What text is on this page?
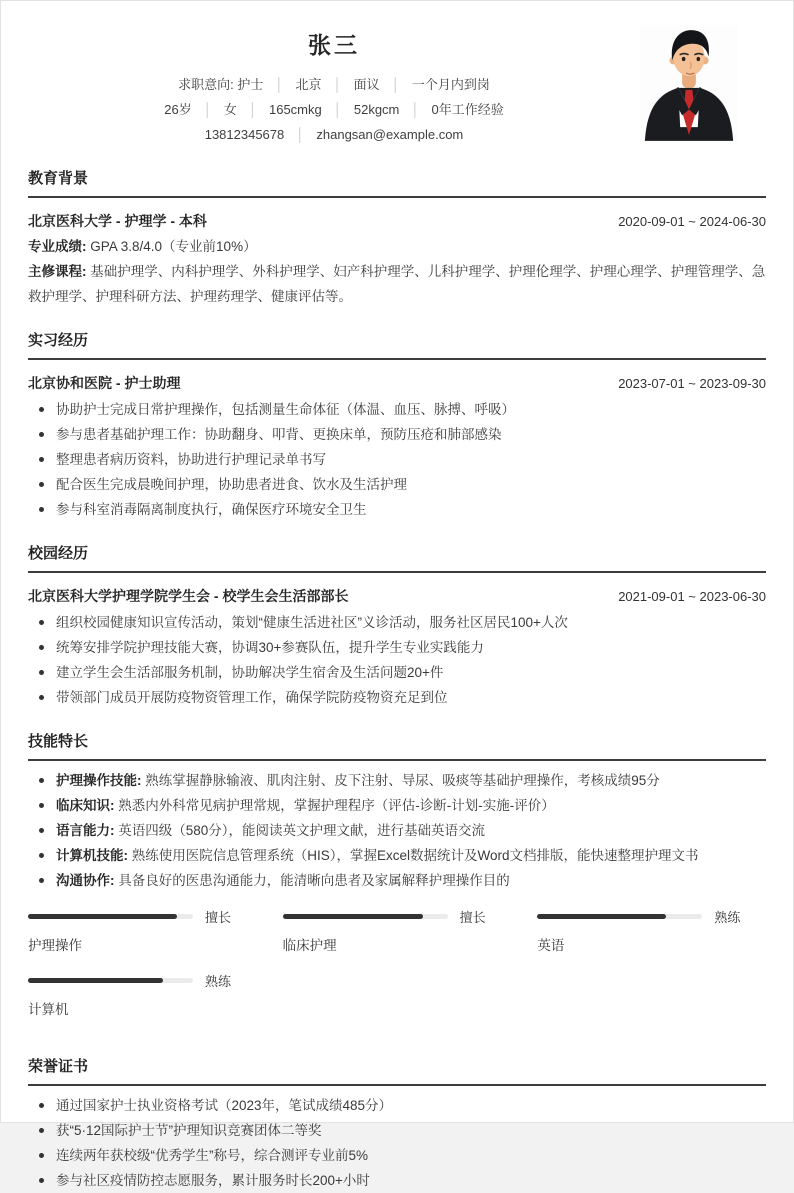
张三
求职意向: 护士 │ 北京 │ 面议 │ 一个月内到岗
26岁 │ 女 │ 165cmkg │ 52kgcm │ 0年工作经验
13812345678 │ zhangsan@example.com
教育背景
北京医科大学 - 护理学 - 本科	2020-09-01 ~ 2024-06-30

专业成绩: GPA 3.8/4.0（专业前10%）

主修课程: 基础护理学、内科护理学、外科护理学、妇产科护理学、儿科护理学、护理伦理学、护理心理学、护理管理学、急救护理学、护理科研方法、护理药理学、健康评估等。

实习经历
北京协和医院 - 护士助理	2023-07-01 ~ 2023-09-30
协助护士完成日常护理操作，包括测量生命体征（体温、血压、脉搏、呼吸）
参与患者基础护理工作：协助翻身、叩背、更换床单，预防压疮和肺部感染
整理患者病历资料，协助进行护理记录单书写
配合医生完成晨晚间护理，协助患者进食、饮水及生活护理
参与科室消毒隔离制度执行，确保医疗环境安全卫生
校园经历
北京医科大学护理学院学生会 - 校学生会生活部部长	2021-09-01 ~ 2023-06-30
组织校园健康知识宣传活动，策划“健康生活进社区”义诊活动，服务社区居民100+人次
统筹安排学院护理技能大赛，协调30+参赛队伍，提升学生专业实践能力
建立学生会生活部服务机制，协助解决学生宿舍及生活问题20+件
带领部门成员开展防疫物资管理工作，确保学院防疫物资充足到位
技能特长
护理操作技能: 熟练掌握静脉输液、肌肉注射、皮下注射、导尿、吸痰等基础护理操作，考核成绩95分
临床知识: 熟悉内外科常见病护理常规，掌握护理程序（评估-诊断-计划-实施-评价）
语言能力: 英语四级（580分），能阅读英文护理文献，进行基础英语交流
计算机技能: 熟练使用医院信息管理系统（HIS），掌握Excel数据统计及Word文档排版，能快速整理护理文书
沟通协作: 具备良好的医患沟通能力，能清晰向患者及家属解释护理操作目的
擅长
护理操作
擅长
临床护理
熟练
英语
熟练
计算机
荣誉证书
通过国家护士执业资格考试（2023年，笔试成绩485分）
获“5·12国际护士节”护理知识竞赛团体二等奖
连续两年获校级“优秀学生”称号，综合测评专业前5%
参与社区疫情防控志愿服务，累计服务时长200+小时
